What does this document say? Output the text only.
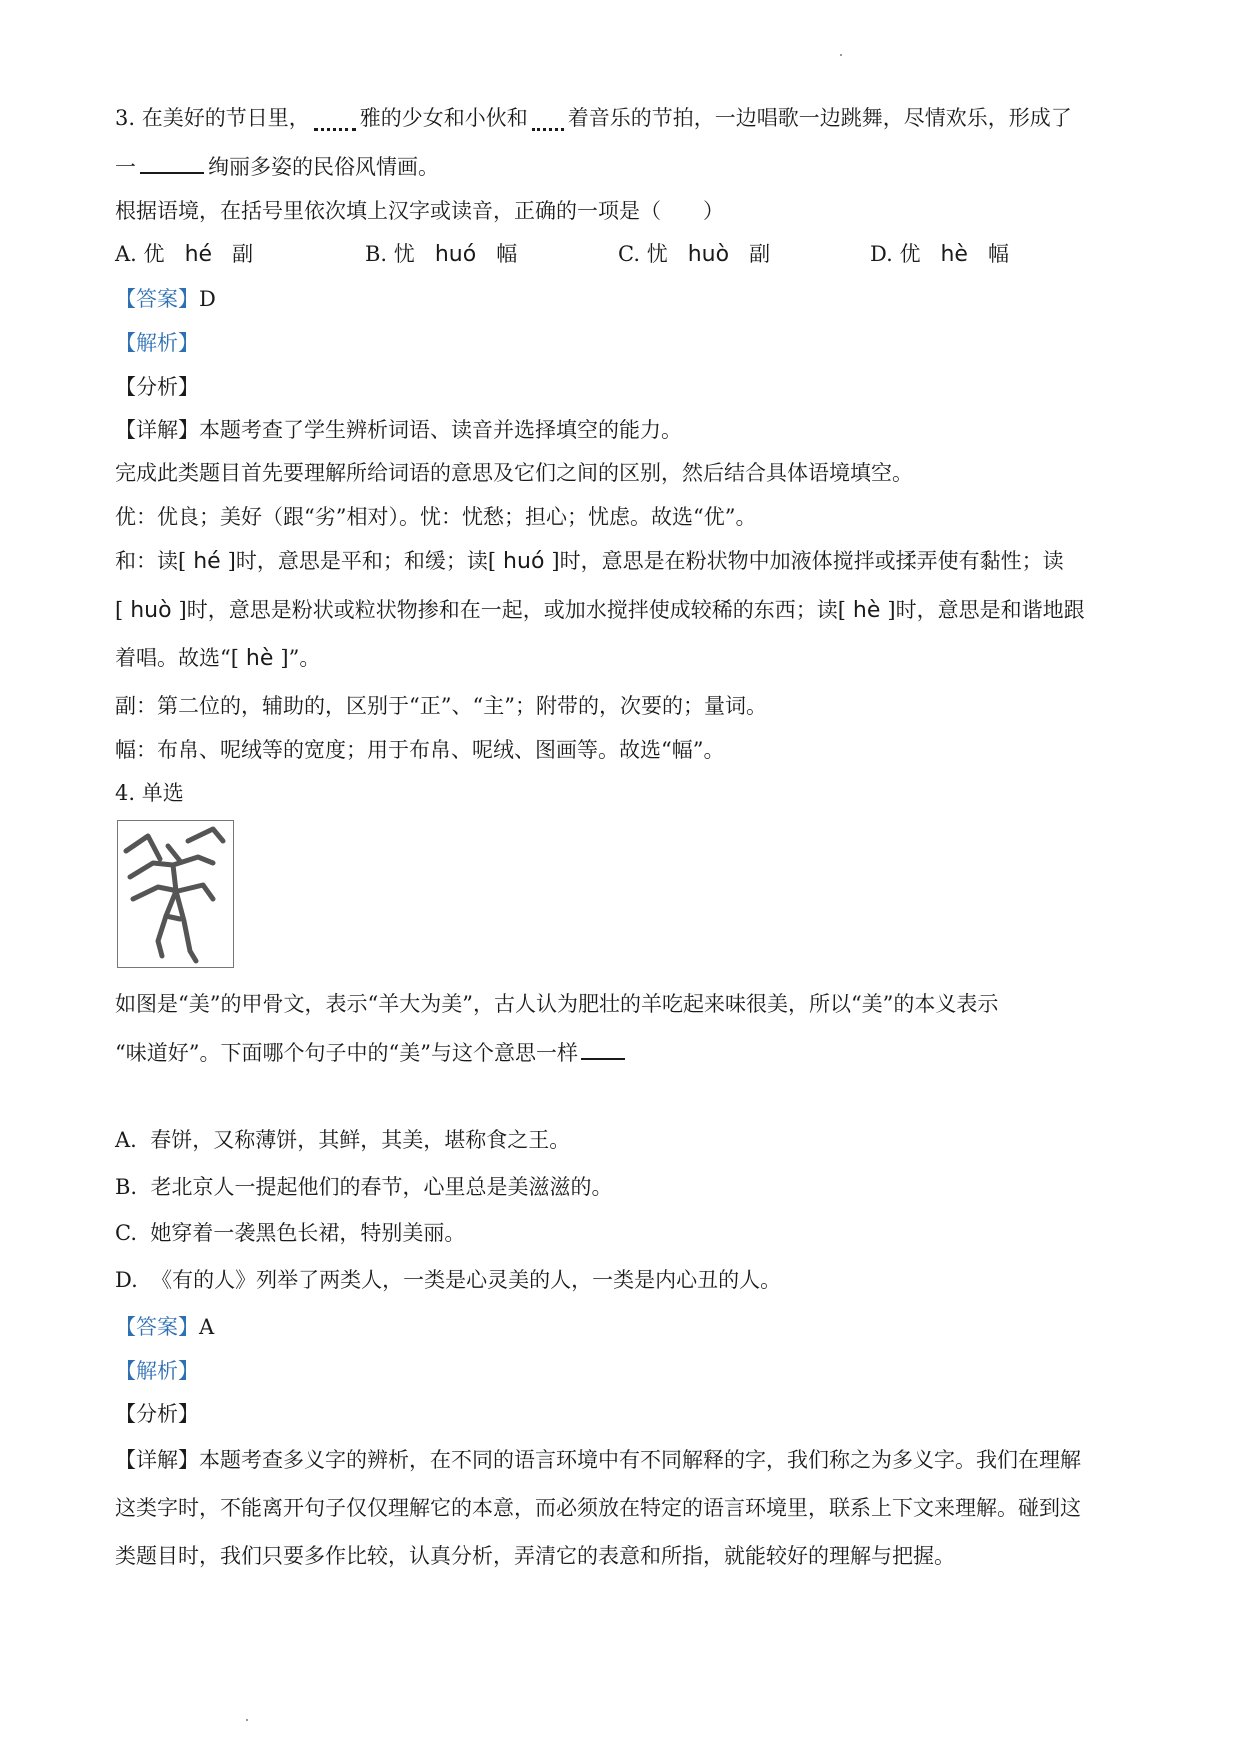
3. 在美好的节日里， 雅的少女和小伙和 着音乐的节拍，一边唱歌一边跳舞，尽情欢乐，形成了
一	绚丽多姿的民俗风情画。
根据语境，在括号里依次填上汉字或读音，正确的一项是（　　）
A. 优 hé 副	B. 忧 huó 幅	C. 忧 huò 副	D. 优 hè 幅
【答案】D
【解析】
【分析】
【详解】本题考查了学生辨析词语、读音并选择填空的能力。
完成此类题目首先要理解所给词语的意思及它们之间的区别，然后结合具体语境填空。
优：优良；美好（跟“劣”相对）。忧：忧愁；担心；忧虑。故选“优”。
和：读[ hé ]时，意思是平和；和缓；读[ huó ]时，意思是在粉状物中加液体搅拌或揉弄使有黏性；读
[ huò ]时，意思是粉状或粒状物掺和在一起，或加水搅拌使成较稀的东西；读[ hè ]时，意思是和谐地跟
着唱。故选“[ hè ]”。
副：第二位的，辅助的，区别于“正”、“主”；附带的，次要的；量词。
幅：布帛、呢绒等的宽度；用于布帛、呢绒、图画等。故选“幅”。
4. 单选
如图是“美”的甲骨文，表示“羊大为美”，古人认为肥壮的羊吃起来味很美，所以“美”的本义表示
“味道好”。下面哪个句子中的“美”与这个意思一样
A. 春饼，又称薄饼，其鲜，其美，堪称食之王。
B. 老北京人一提起他们的春节，心里总是美滋滋的。
C. 她穿着一袭黑色长裙，特别美丽。
D. 《有的人》列举了两类人，一类是心灵美的人，一类是内心丑的人。
【答案】A
【解析】
【分析】
【详解】本题考查多义字的辨析，在不同的语言环境中有不同解释的字，我们称之为多义字。我们在理解
这类字时，不能离开句子仅仅理解它的本意，而必须放在特定的语言环境里，联系上下文来理解。碰到这
类题目时，我们只要多作比较，认真分析，弄清它的表意和所指，就能较好的理解与把握。
